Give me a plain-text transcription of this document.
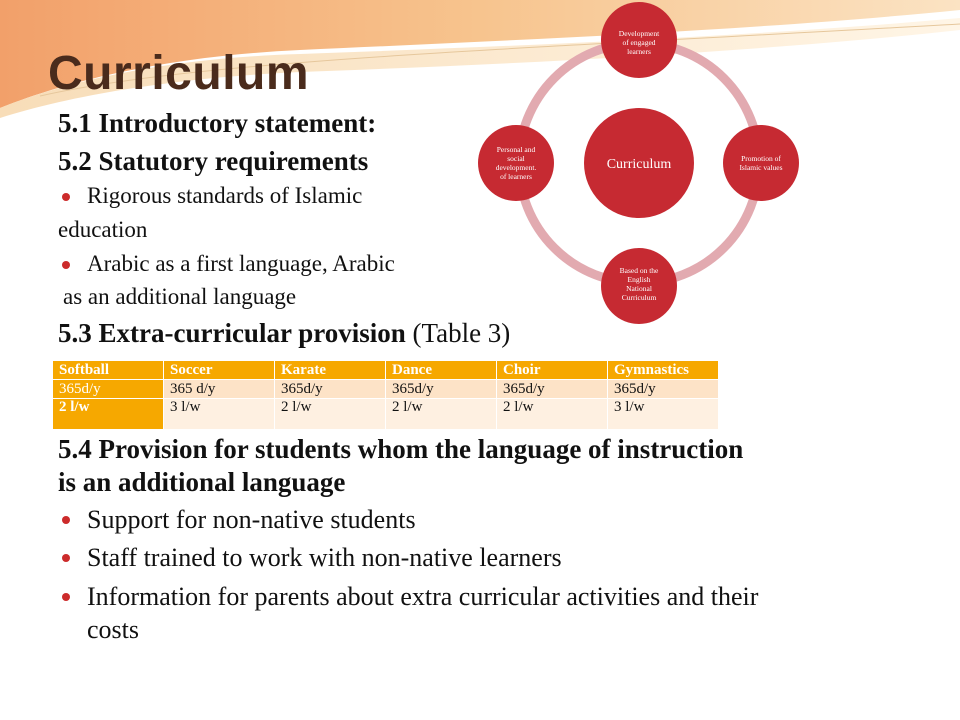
Curriculum
5.1 Introductory statement:
5.2 Statutory requirements
Rigorous standards of Islamic
education
Arabic as a first language, Arabic
as an additional language
5.3 Extra-curricular provision (Table 3)
Softball	Soccer	Karate	Dance	Choir	Gymnastics
365d/y	365 d/y	365d/y	365d/y	365d/y	365d/y
2 l/w	3 l/w	2 l/w	2 l/w	2 l/w	3 l/w
5.4 Provision for students whom the language of instruction
is an additional language
Support for non-native students
Staff trained to work with non-native learners
Information for parents about extra curricular activities and their
costs
Curriculum
Development
of engaged
learners
Promotion of
Islamic values
Based on the
English
National
Curriculum
Personal and
social
development.
of learners
